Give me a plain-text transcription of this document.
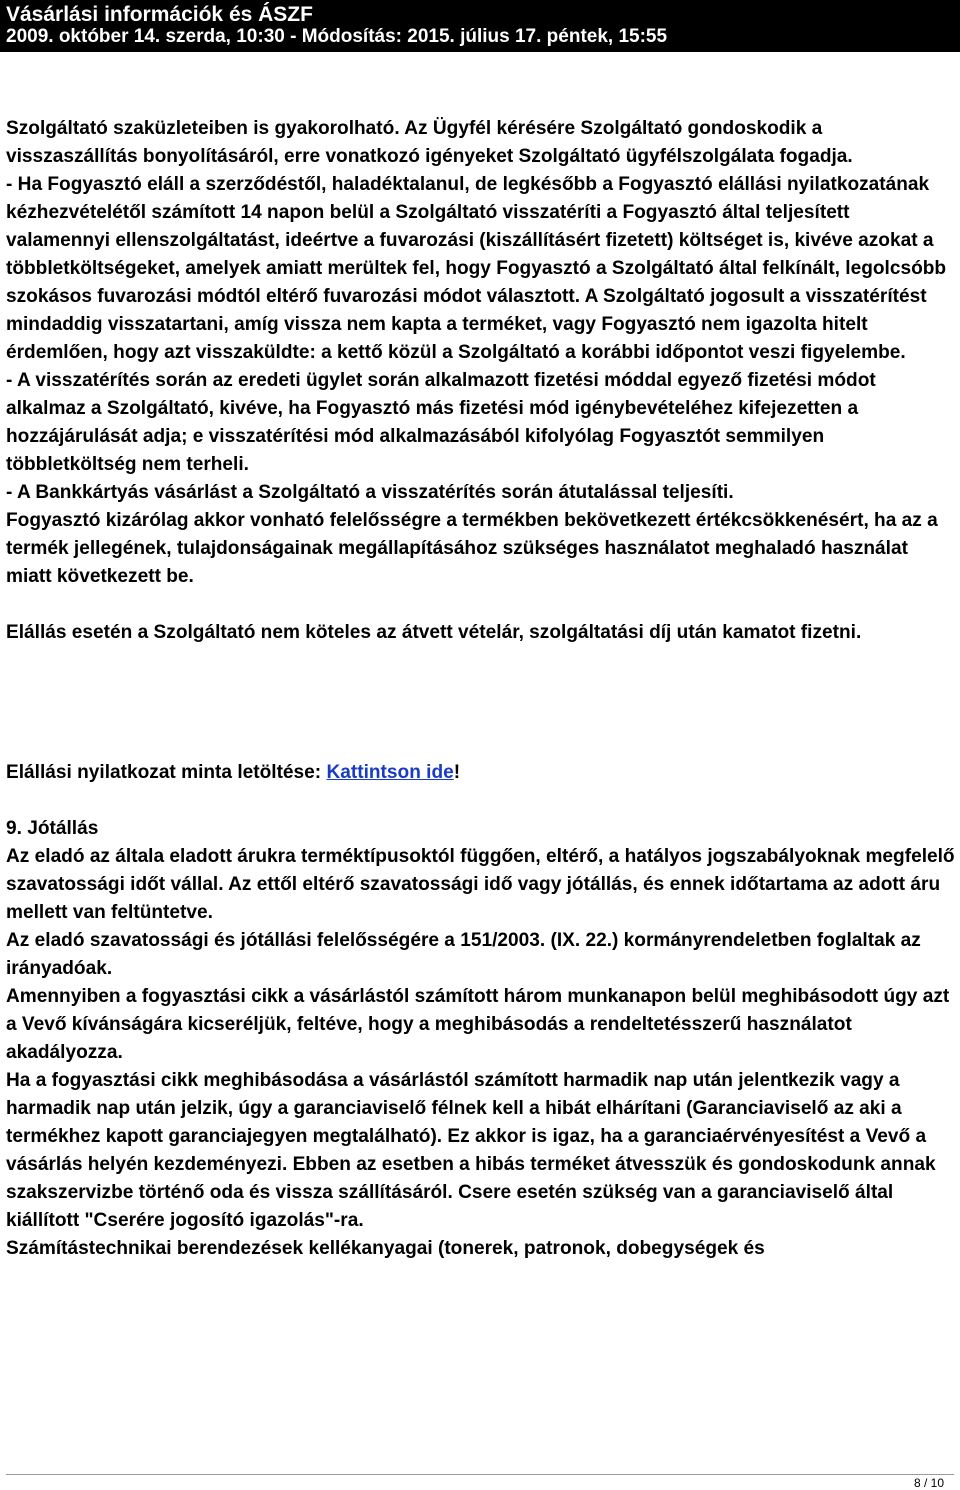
Vásárlási információk és ÁSZF
2009. október 14. szerda, 10:30 - Módosítás: 2015. július 17. péntek, 15:55

Szolgáltató szaküzleteiben is gyakorolható. Az Ügyfél kérésére Szolgáltató gondoskodik a visszaszállítás bonyolításáról, erre vonatkozó igényeket Szolgáltató ügyfélszolgálata fogadja.

- Ha Fogyasztó eláll a szerződéstől, haladéktalanul, de legkésőbb a Fogyasztó elállási nyilatkozatának kézhezvételétől számított 14 napon belül a Szolgáltató visszatéríti a Fogyasztó által teljesített valamennyi ellenszolgáltatást, ideértve a fuvarozási (kiszállításért fizetett) költséget is, kivéve azokat a többletköltségeket, amelyek amiatt merültek fel, hogy Fogyasztó a Szolgáltató által felkínált, legolcsóbb szokásos fuvarozási módtól eltérő fuvarozási módot választott. A Szolgáltató jogosult a visszatérítést mindaddig visszatartani, amíg vissza nem kapta a terméket, vagy Fogyasztó nem igazolta hitelt érdemlően, hogy azt visszaküldte: a kettő közül a Szolgáltató a korábbi időpontot veszi figyelembe.

- A visszatérítés során az eredeti ügylet során alkalmazott fizetési móddal egyező fizetési módot alkalmaz a Szolgáltató, kivéve, ha Fogyasztó más fizetési mód igénybevételéhez kifejezetten a hozzájárulását adja; e visszatérítési mód alkalmazásából kifolyólag Fogyasztót semmilyen többletköltség nem terheli.

- A Bankkártyás vásárlást a Szolgáltató a visszatérítés során átutalással teljesíti.

Fogyasztó kizárólag akkor vonható felelősségre a termékben bekövetkezett értékcsökkenésért, ha az a termék jellegének, tulajdonságainak megállapításához szükséges használatot meghaladó használat miatt következett be.

Elállás esetén a Szolgáltató nem köteles az átvett vételár, szolgáltatási díj után kamatot fizetni.

Elállási nyilatkozat minta letöltése: Kattintson ide!

9. Jótállás

Az eladó az általa eladott árukra terméktípusoktól függően, eltérő, a hatályos jogszabályoknak megfelelő szavatossági időt vállal. Az ettől eltérő szavatossági idő vagy jótállás, és ennek időtartama az adott áru mellett van feltüntetve.

Az eladó szavatossági és jótállási felelősségére a 151/2003. (IX. 22.) kormányrendeletben foglaltak az irányadóak.

Amennyiben a fogyasztási cikk a vásárlástól számított három munkanapon belül meghibásodott úgy azt a Vevő kívánságára kicseréljük, feltéve, hogy a meghibásodás a rendeltetésszerű használatot akadályozza.

Ha a fogyasztási cikk meghibásodása a vásárlástól számított harmadik nap után jelentkezik vagy a harmadik nap után jelzik, úgy a garanciaviselő félnek kell a hibát elhárítani (Garanciaviselő az aki a termékhez kapott garanciajegyen megtalálható). Ez akkor is igaz, ha a garanciaérvényesítést a Vevő a vásárlás helyén kezdeményezi. Ebben az esetben a hibás terméket átvesszük és gondoskodunk annak szakszervizbe történő oda és vissza szállításáról. Csere esetén szükség van a garanciaviselő által kiállított "Cserére jogosító igazolás"-ra.

Számítástechnikai berendezések kellékanyagai (tonerek, patronok, dobegységek és

8 / 10
